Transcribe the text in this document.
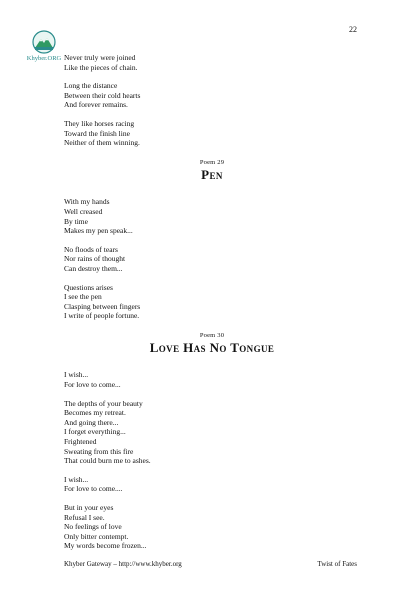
22
Khyber.ORG Never truly were joined
Like the pieces of chain.
Long the distance
Between their cold hearts
And forever remains.
They like horses racing
Toward the finish line
Neither of them winning.
Poem 29
Pen
With my hands
Well creased
By time
Makes my pen speak...
No floods of tears
Nor rains of thought
Can destroy them...
Questions arises
I see the pen
Clasping between fingers
I write of people fortune.
Poem 30
Love Has No Tongue
I wish...
For love to come...
The depths of your beauty
Becomes my retreat.
And going there...
I forget everything...
Frightened
Sweating from this fire
That could burn me to ashes.
I wish...
For love to come....
But in your eyes
Refusal I see.
No feelings of love
Only bitter contempt.
My words become frozen...
Khyber Gateway – http://www.khyber.org	Twist of Fates
